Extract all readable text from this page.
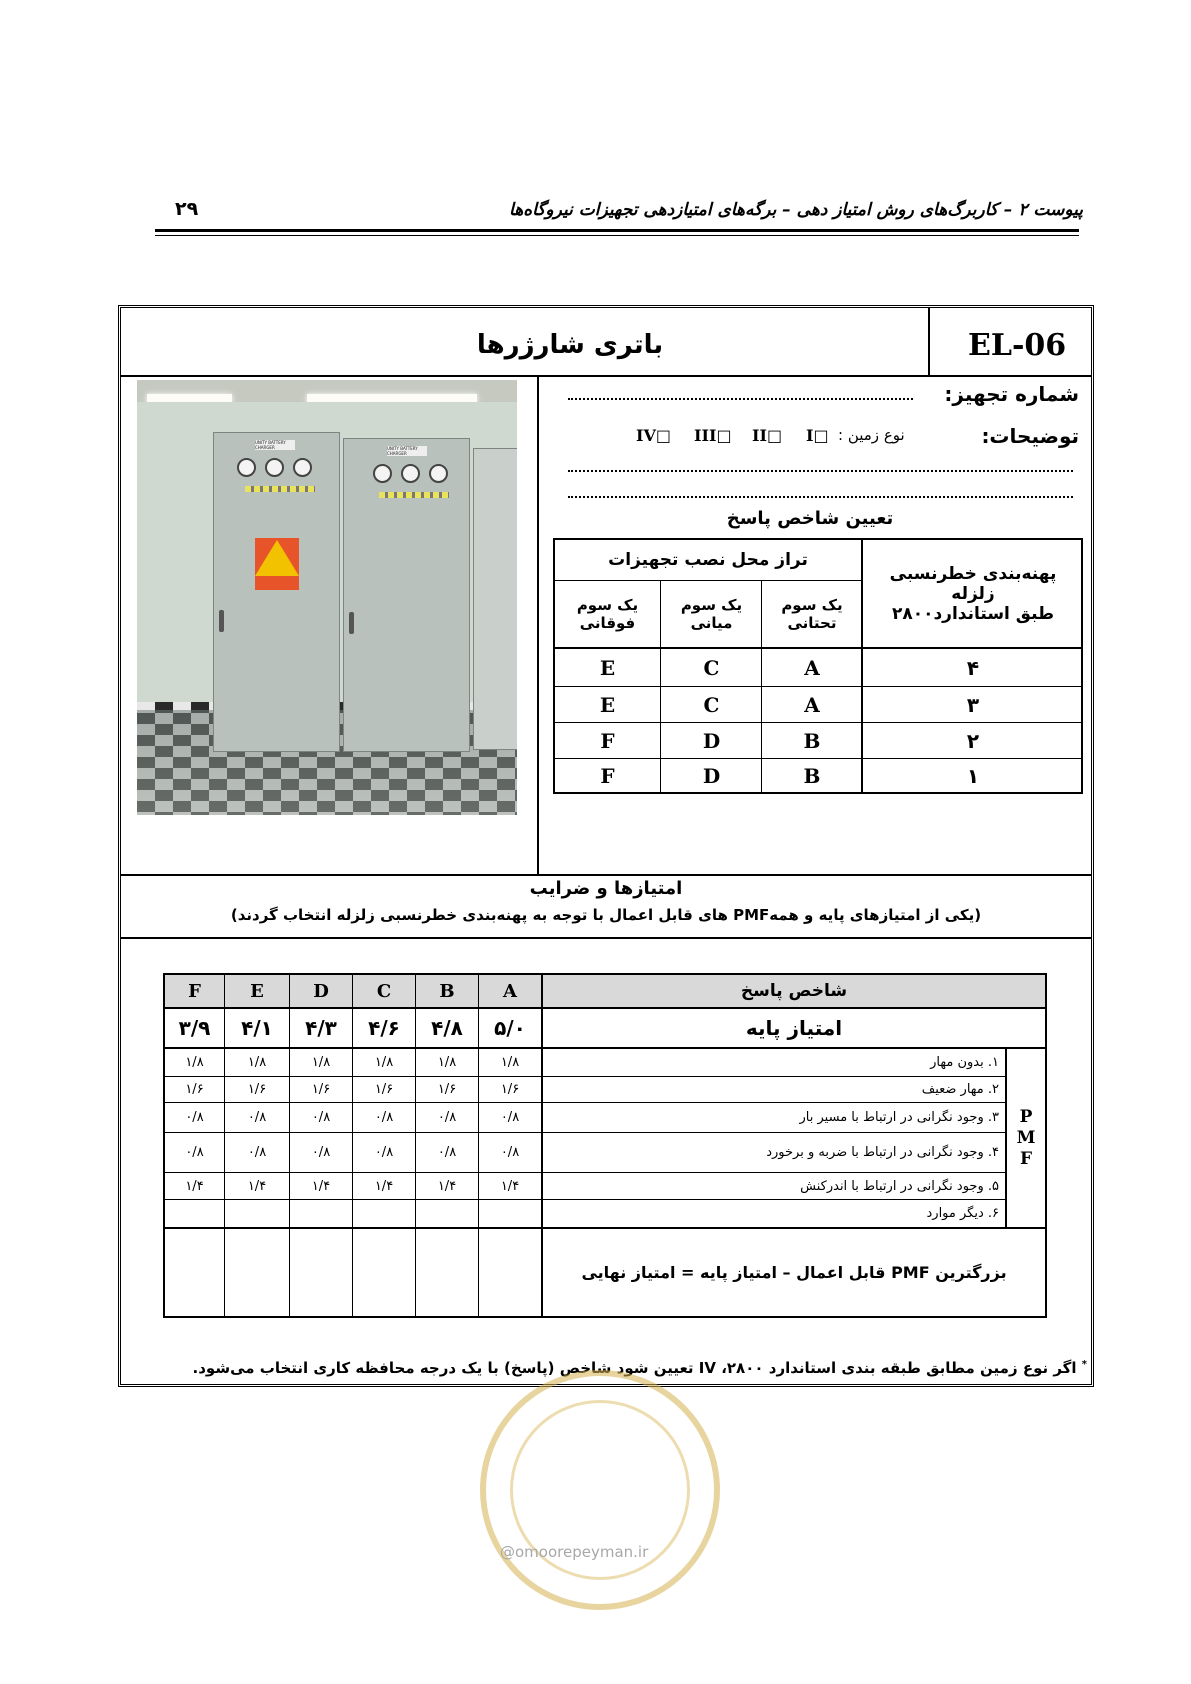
پیوست ۲ – کاربرگ‌های روش امتیاز دهی – برگه‌های امتیازدهی تجهیزات نیروگاه‌ها
۲۹
EL-06
باتری شارژرها
UNITY BATTERY CHARGER	UNITY BATTERY CHARGER
شماره تجهیز:
توضیحات:
نوع زمین :
I□
II□
III□
IV□
تعیین شاخص پاسخ
پهنه‌بندی خطرنسبی زلزله
طبق استاندارد۲۸۰۰
تراز محل نصب تجهیزات
یک سوم تحتانی
یک سوم میانی
یک سوم فوقانی
۴
A
C
E
۳
A
C
E
۲
B
D
F
۱
B
D
F
امتیازها و ضرایب
(یکی از امتیازهای پایه و همهPMF های قابل اعمال با توجه به پهنه‌بندی خطرنسبی زلزله انتخاب گردند)
شاخص پاسخ
A
B
C
D
E
F
امتیاز پایه
۵/۰
۴/۸
۴/۶
۴/۳
۴/۱
۳/۹
P
M
F
۱. بدون مهار
۱/۸
۱/۸
۱/۸
۱/۸
۱/۸
۱/۸
۲. مهار ضعیف
۱/۶
۱/۶
۱/۶
۱/۶
۱/۶
۱/۶
۳. وجود نگرانی در ارتباط با مسیر بار
۰/۸
۰/۸
۰/۸
۰/۸
۰/۸
۰/۸
۴. وجود نگرانی در ارتباط با ضربه و برخورد
۰/۸
۰/۸
۰/۸
۰/۸
۰/۸
۰/۸
۵. وجود نگرانی در ارتباط با اندرکنش
۱/۴
۱/۴
۱/۴
۱/۴
۱/۴
۱/۴
۶. دیگر موارد
بزرگترین PMF قابل اعمال – امتیاز پایه = امتیاز نهایی
* اگر نوع زمین مطابق طبقه بندی استاندارد ۲۸۰۰، IV تعیین شود شاخص (پاسخ) با یک درجه محافظه کاری انتخاب می‌شود.
@omoorepeyman.ir
